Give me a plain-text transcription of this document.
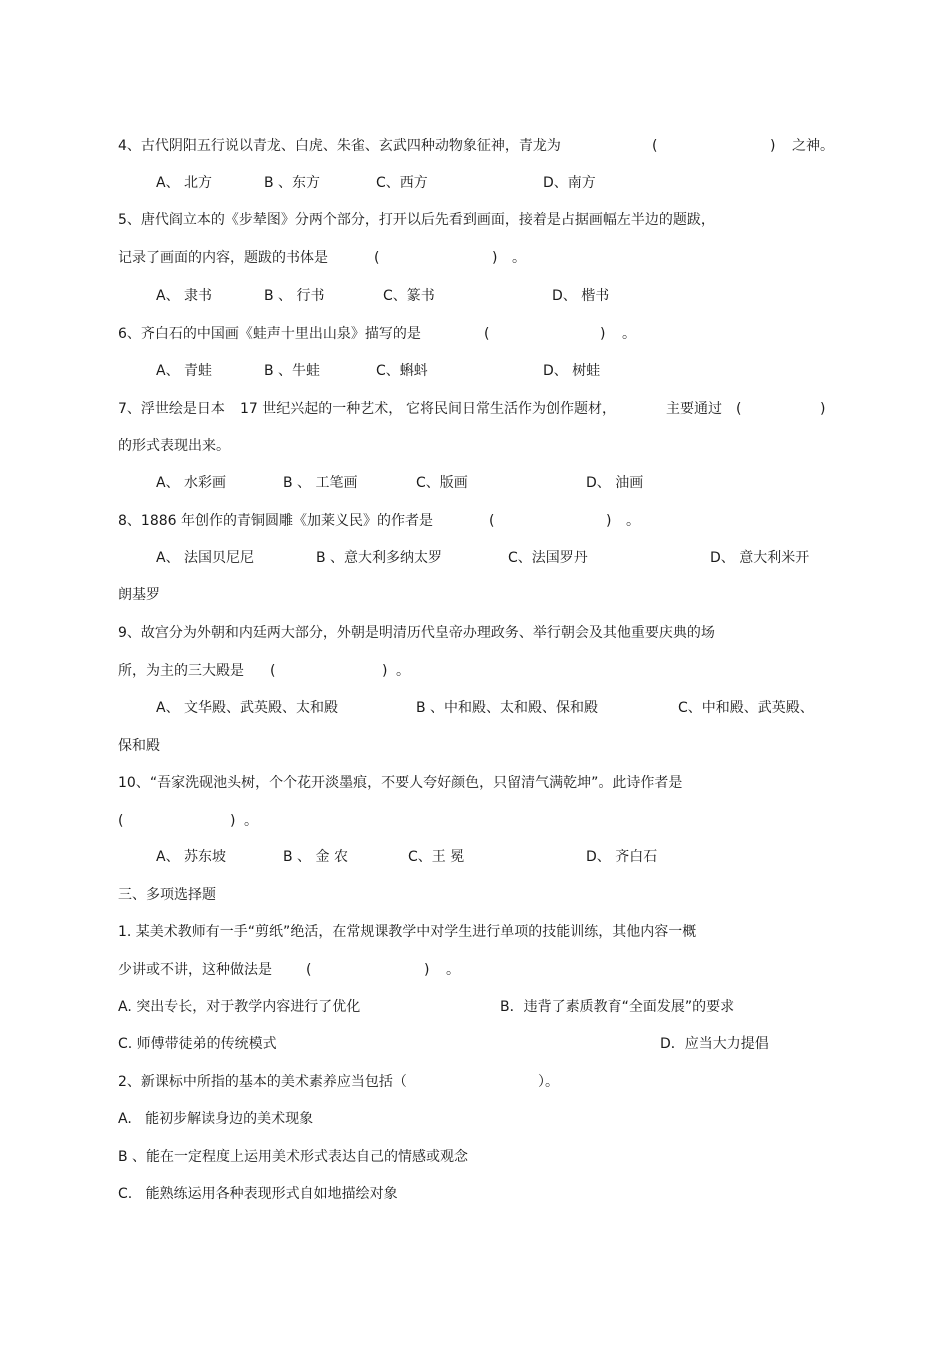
4、古代阴阳五行说以青龙、白虎、朱雀、玄武四种动物象征神，青龙为	(	) 之神。
A、 北方	B 、东方	C、西方	D、南方
5、唐代阎立本的《步辇图》分两个部分，打开以后先看到画面，接着是占据画幅左半边的题跋，
记录了画面的内容，题跋的书体是	(	) 。
A、 隶书	B 、 行书	C、篆书	D、 楷书
6、齐白石的中国画《蛙声十里出山泉》描写的是	(	) 。
A、 青蛙	B 、牛蛙	C、蝌蚪	D、 树蛙
7、浮世绘是日本 17 世纪兴起的一种艺术， 它将民间日常生活作为创作题材，	主要通过 (	)
的形式表现出来。
A、 水彩画	B 、 工笔画	C、版画	D、 油画
8、1886 年创作的青铜圆雕《加莱义民》的作者是	(	) 。
A、 法国贝尼尼	B 、意大利多纳太罗	C、法国罗丹	D、 意大利米开
朗基罗
9、故宫分为外朝和内廷两大部分，外朝是明清历代皇帝办理政务、举行朝会及其他重要庆典的场
所，为主的三大殿是 (	) 。
A、 文华殿、武英殿、太和殿	B 、中和殿、太和殿、保和殿	C、中和殿、武英殿、
保和殿
10、“吾家洗砚池头树，个个花开淡墨痕，不要人夸好颜色，只留清气满乾坤”。此诗作者是
(	) 。
A、 苏东坡	B 、 金 农	C、王 冕	D、 齐白石
三、多项选择题
1. 某美术教师有一手“剪纸”绝活，在常规课教学中对学生进行单项的技能训练，其他内容一概
少讲或不讲，这种做法是 (	) 。
A. 突出专长，对于教学内容进行了优化	B．违背了素质教育“全面发展”的要求
C. 师傅带徒弟的传统模式	D．应当大力提倡
2、新课标中所指的基本的美术素养应当包括（	）。
A.   能初步解读身边的美术现象
B 、能在一定程度上运用美术形式表达自己的情感或观念
C.   能熟练运用各种表现形式自如地描绘对象
